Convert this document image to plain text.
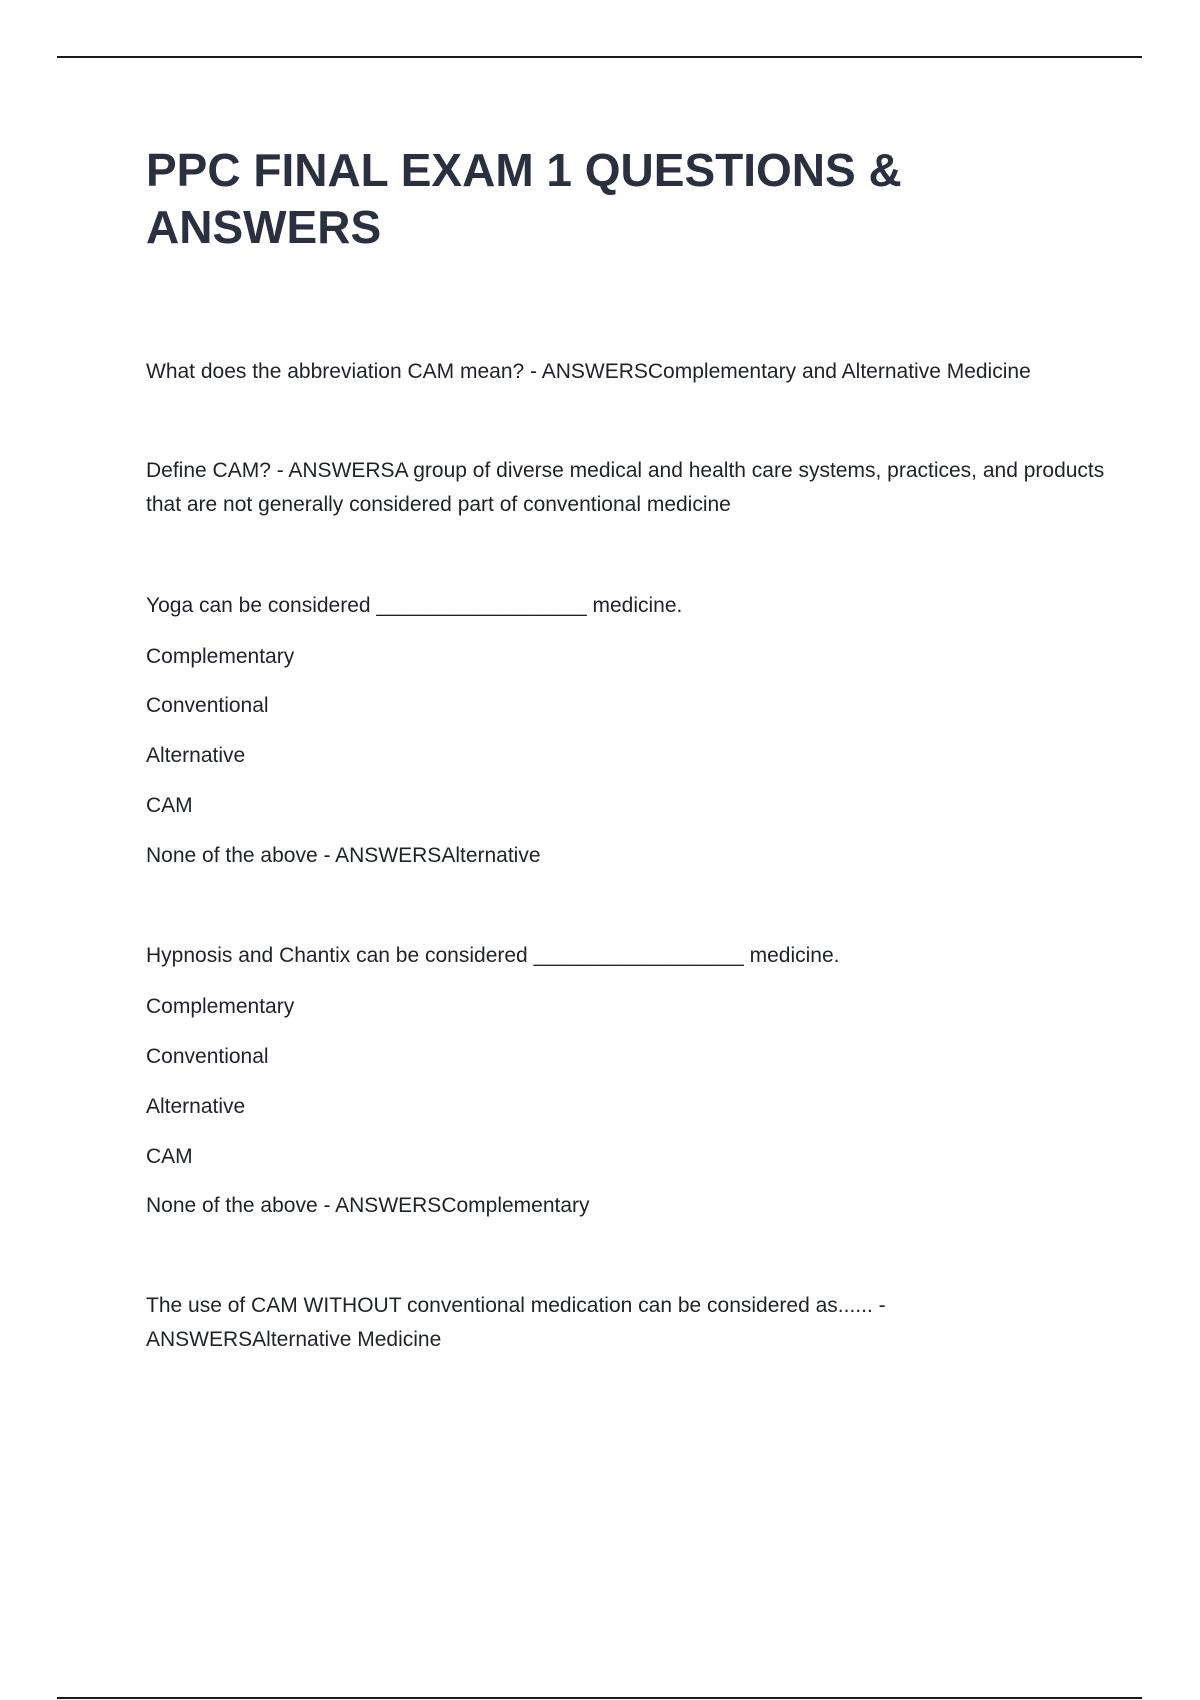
PPC FINAL EXAM 1 QUESTIONS & ANSWERS

What does the abbreviation CAM mean? - ANSWERSComplementary and Alternative Medicine

Define CAM? - ANSWERSA group of diverse medical and health care systems, practices, and products that are not generally considered part of conventional medicine

Yoga can be considered __________________ medicine.

Complementary

Conventional

Alternative

CAM

None of the above - ANSWERSAlternative

Hypnosis and Chantix can be considered __________________ medicine.

Complementary

Conventional

Alternative

CAM

None of the above - ANSWERSComplementary

The use of CAM WITHOUT conventional medication can be considered as...... - ANSWERSAlternative Medicine
